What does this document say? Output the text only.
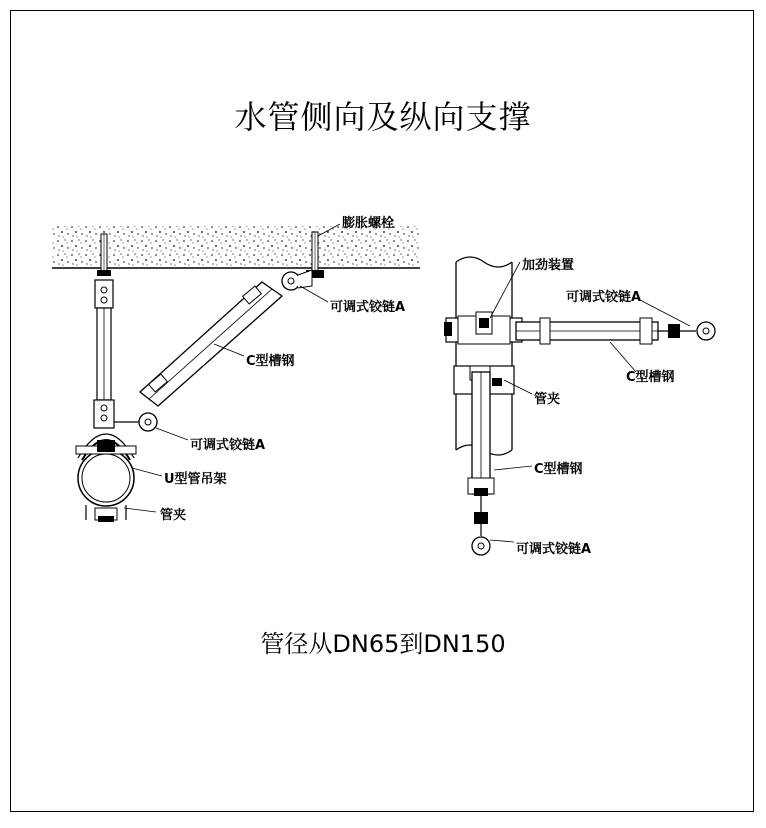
水管侧向及纵向支撑
膨胀螺栓
可调式铰链A
C型槽钢
可调式铰链A
U型管吊架
管夹
加劲装置
可调式铰链A
C型槽钢
管夹
C型槽钢
可调式铰链A
管径从DN65到DN150
